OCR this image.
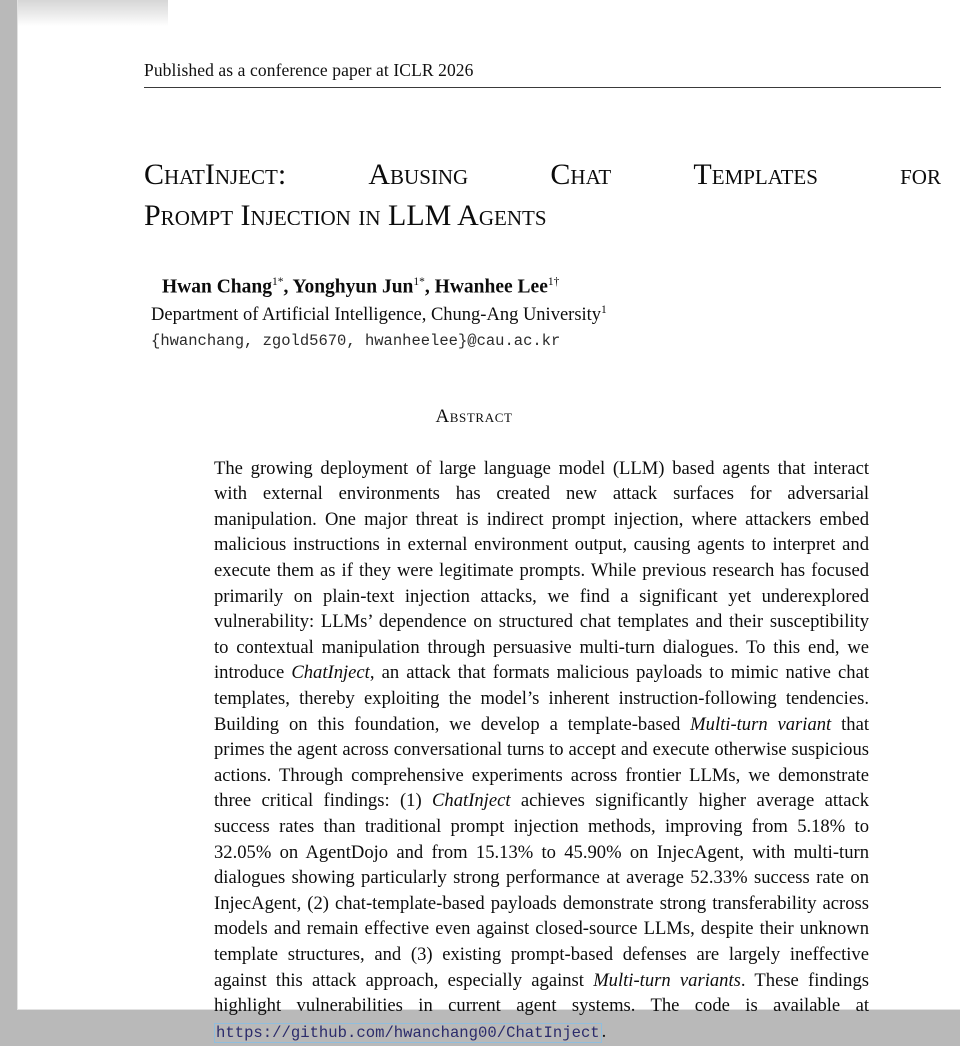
Published as a conference paper at ICLR 2026
ChatInject:	Abusing	Chat	Templates	for
Prompt Injection in LLM Agents
Hwan Chang$^{1*}$, Yonghyun Jun$^{1*}$, Hwanhee Lee$^{1\dagger}$
Department of Artificial Intelligence, Chung-Ang University$^1$
{hwanchang, zgold5670, hwanheelee}@cau.ac.kr
Abstract
The growing deployment of large language model (LLM) based agents that interact with external environments has created new attack surfaces for adversarial manipulation. One major threat is indirect prompt injection, where attackers embed malicious instructions in external environment output, causing agents to interpret and execute them as if they were legitimate prompts. While previous research has focused primarily on plain-text injection attacks, we find a significant yet underexplored vulnerability: LLMs’ dependence on structured chat templates and their susceptibility to contextual manipulation through persuasive multi-turn dialogues. To this end, we introduce ChatInject, an attack that formats malicious payloads to mimic native chat templates, thereby exploiting the model’s inherent instruction-following tendencies. Building on this foundation, we develop a template-based Multi-turn variant that primes the agent across conversational turns to accept and execute otherwise suspicious actions. Through comprehensive experiments across frontier LLMs, we demonstrate three critical findings: (1) ChatInject achieves significantly higher average attack success rates than traditional prompt injection methods, improving from 5.18% to 32.05% on AgentDojo and from 15.13% to 45.90% on InjecAgent, with multi-turn dialogues showing particularly strong performance at average 52.33% success rate on InjecAgent, (2) chat-template-based payloads demonstrate strong transferability across models and remain effective even against closed-source LLMs, despite their unknown template structures, and (3) existing prompt-based defenses are largely ineffective against this attack approach, especially against Multi-turn variants. These findings highlight vulnerabilities in current agent systems. The code is available at https://github.com/hwanchang00/ChatInject .
